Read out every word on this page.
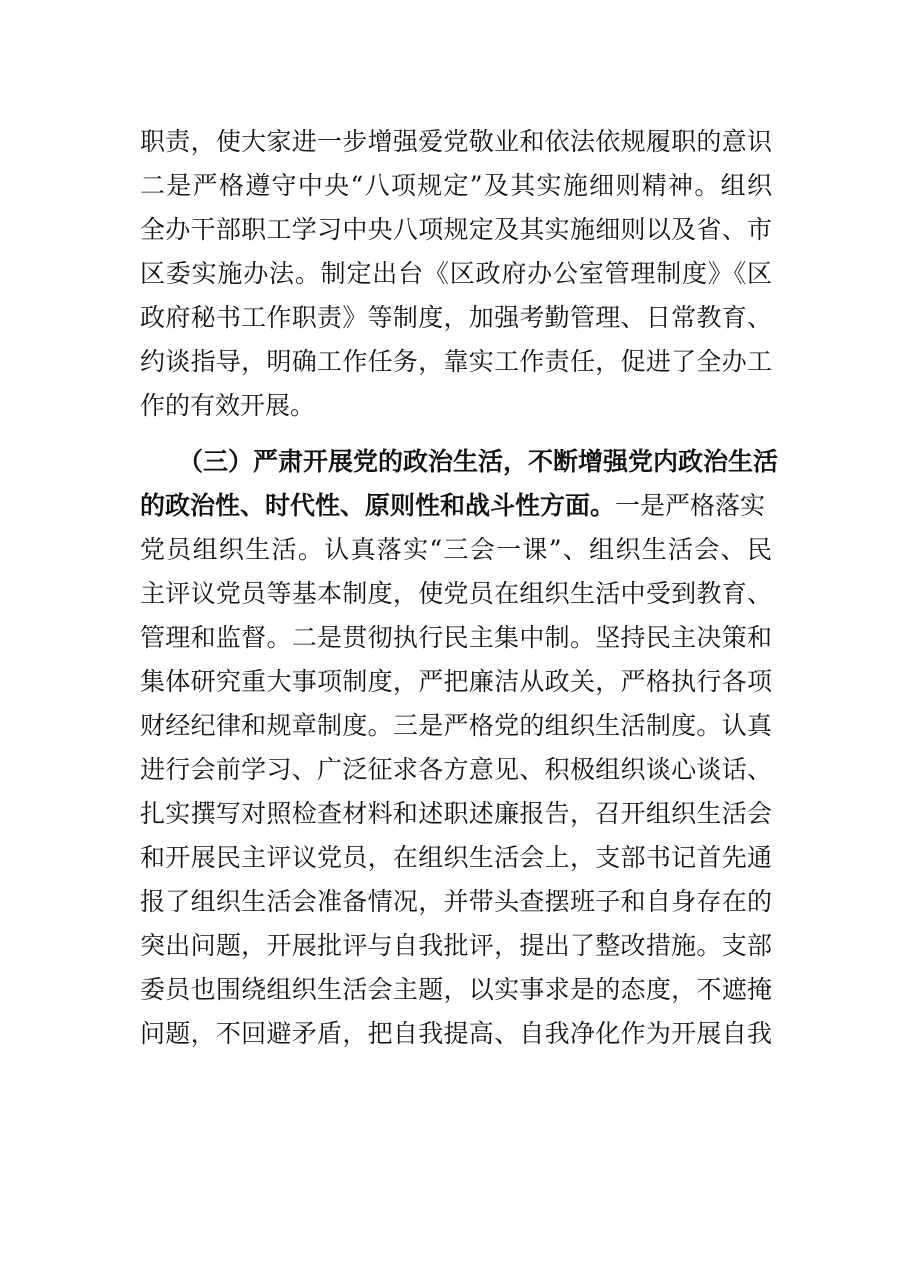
职责，使大家进一步增强爱党敬业和依法依规履职的意识
二是严格遵守中央“八项规定”及其实施细则精神。组织
全办干部职工学习中央八项规定及其实施细则以及省、市
区委实施办法。制定出台《区政府办公室管理制度》《区
政府秘书工作职责》等制度，加强考勤管理、日常教育、
约谈指导，明确工作任务，靠实工作责任，促进了全办工
作的有效开展。
（三）严肃开展党的政治生活，不断增强党内政治生活
的政治性、时代性、原则性和战斗性方面。一是严格落实
党员组织生活。认真落实“三会一课”、组织生活会、民
主评议党员等基本制度，使党员在组织生活中受到教育、
管理和监督。二是贯彻执行民主集中制。坚持民主决策和
集体研究重大事项制度，严把廉洁从政关，严格执行各项
财经纪律和规章制度。三是严格党的组织生活制度。认真
进行会前学习、广泛征求各方意见、积极组织谈心谈话、
扎实撰写对照检查材料和述职述廉报告，召开组织生活会
和开展民主评议党员，在组织生活会上，支部书记首先通
报了组织生活会准备情况，并带头查摆班子和自身存在的
突出问题，开展批评与自我批评，提出了整改措施。支部
委员也围绕组织生活会主题，以实事求是的态度，不遮掩
问题，不回避矛盾，把自我提高、自我净化作为开展自我
